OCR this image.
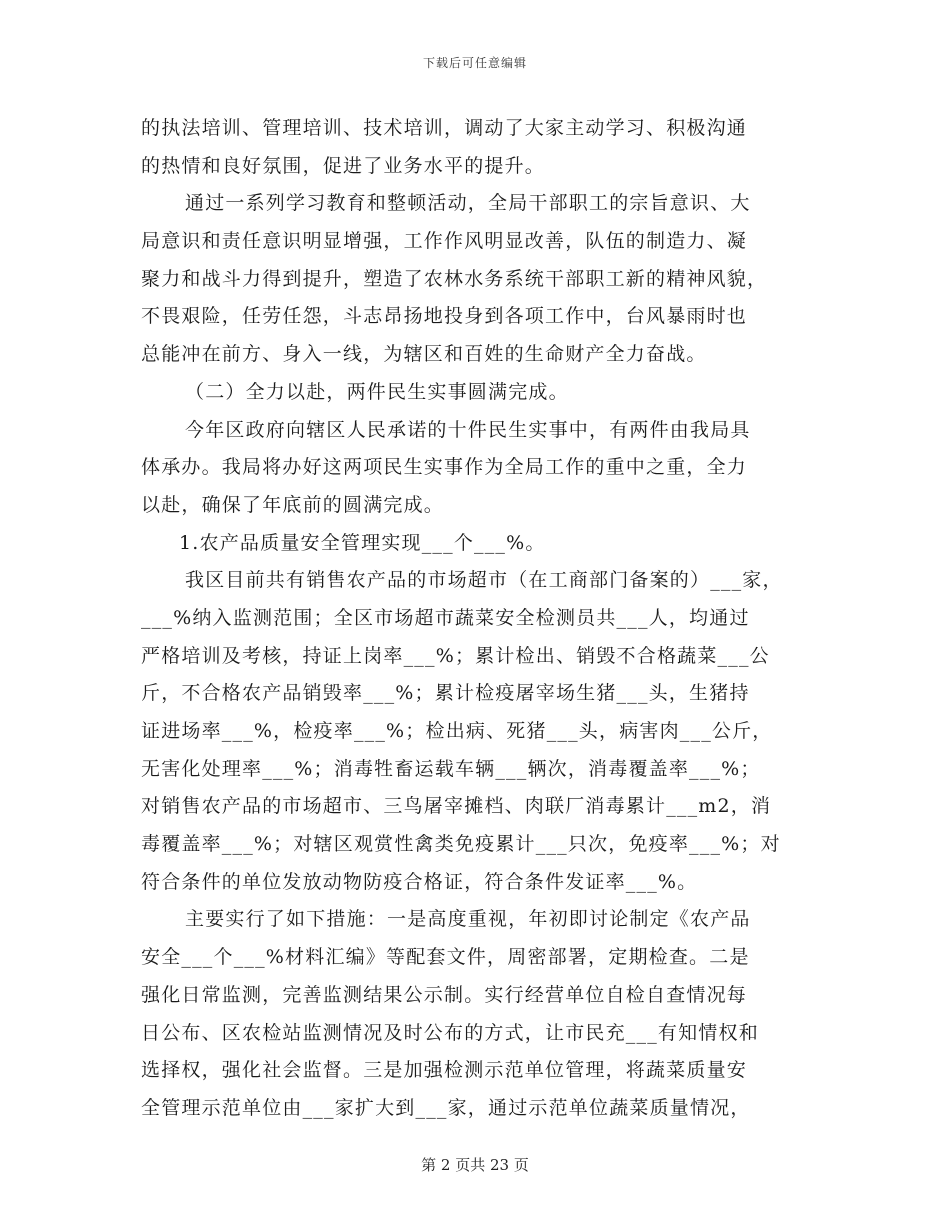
下载后可任意编辑
的执法培训、管理培训、技术培训，调动了大家主动学习、积极沟通
的热情和良好氛围，促进了业务水平的提升。
通过一系列学习教育和整顿活动，全局干部职工的宗旨意识、大
局意识和责任意识明显增强，工作作风明显改善，队伍的制造力、凝
聚力和战斗力得到提升，塑造了农林水务系统干部职工新的精神风貌，
不畏艰险，任劳任怨，斗志昂扬地投身到各项工作中，台风暴雨时也
总能冲在前方、身入一线，为辖区和百姓的生命财产全力奋战。
（二）全力以赴，两件民生实事圆满完成。
今年区政府向辖区人民承诺的十件民生实事中，有两件由我局具
体承办。我局将办好这两项民生实事作为全局工作的重中之重，全力
以赴，确保了年底前的圆满完成。
1.农产品质量安全管理实现___个___%。
我区目前共有销售农产品的市场超市（在工商部门备案的）___家，
___%纳入监测范围；全区市场超市蔬菜安全检测员共___人，均通过
严格培训及考核，持证上岗率___%；累计检出、销毁不合格蔬菜___公
斤，不合格农产品销毁率___%；累计检疫屠宰场生猪___头，生猪持
证进场率___%，检疫率___%；检出病、死猪___头，病害肉___公斤，
无害化处理率___%；消毒牲畜运载车辆___辆次，消毒覆盖率___%；
对销售农产品的市场超市、三鸟屠宰摊档、肉联厂消毒累计___m2，消
毒覆盖率___%；对辖区观赏性禽类免疫累计___只次，免疫率___%；对
符合条件的单位发放动物防疫合格证，符合条件发证率___%。
主要实行了如下措施：一是高度重视，年初即讨论制定《农产品
安全___个___%材料汇编》等配套文件，周密部署，定期检查。二是
强化日常监测，完善监测结果公示制。实行经营单位自检自查情况每
日公布、区农检站监测情况及时公布的方式，让市民充___有知情权和
选择权，强化社会监督。三是加强检测示范单位管理，将蔬菜质量安
全管理示范单位由___家扩大到___家，通过示范单位蔬菜质量情况，
第 2 页共 23 页
